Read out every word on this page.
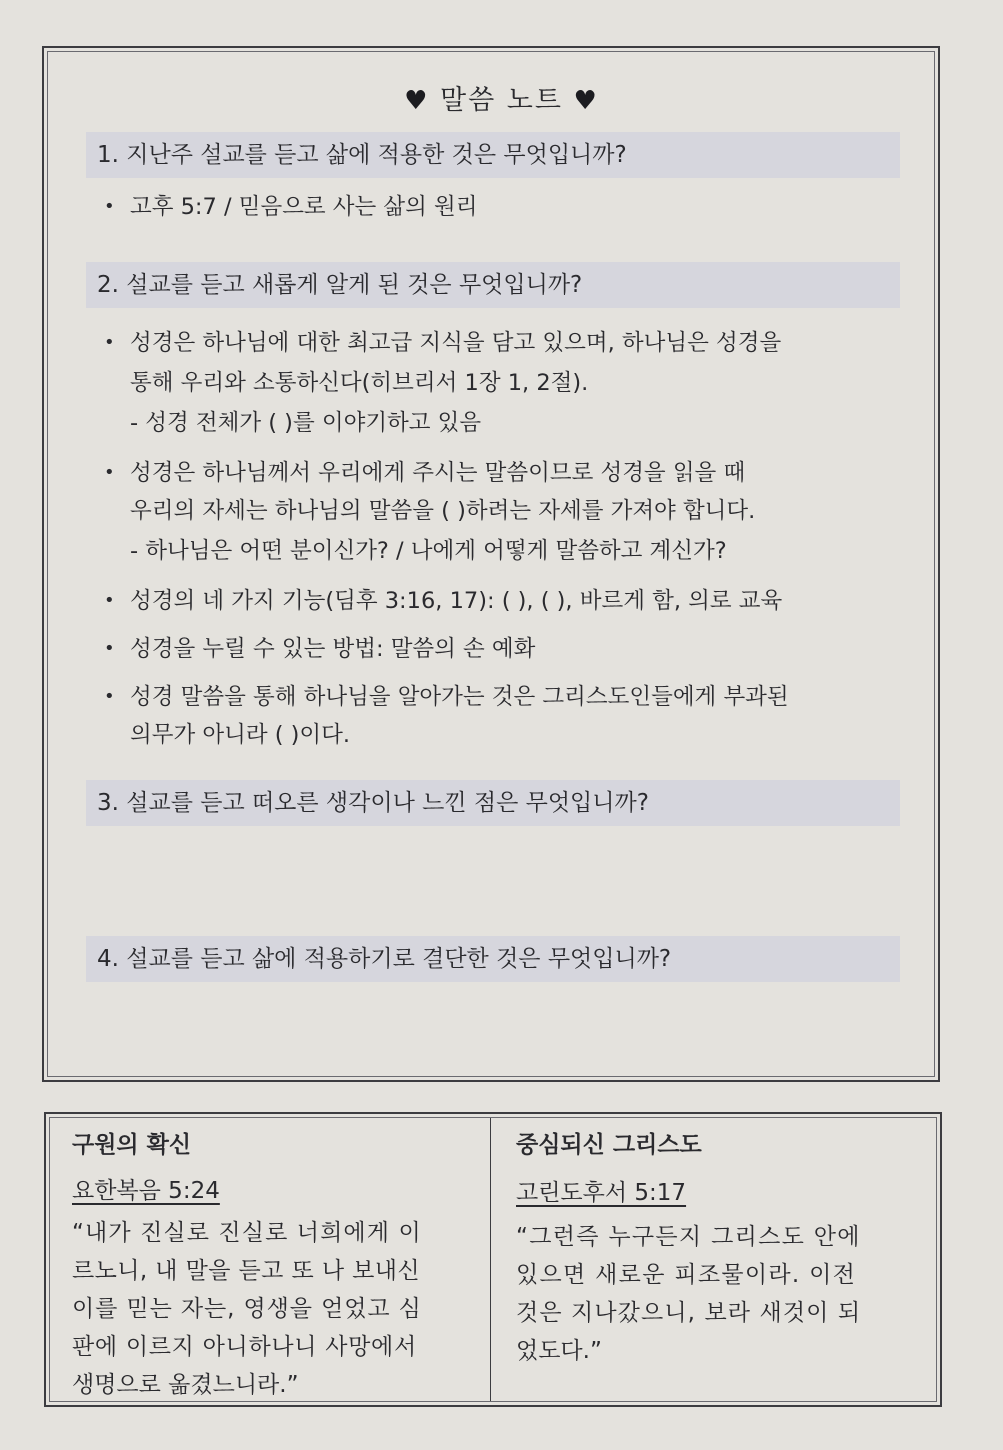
♥ 말씀 노트 ♥
1. 지난주 설교를 듣고 삶에 적용한 것은 무엇입니까?
• 고후 5:7 / 믿음으로 사는 삶의 원리
2. 설교를 듣고 새롭게 알게 된 것은 무엇입니까?
• 성경은 하나님에 대한 최고급 지식을 담고 있으며, 하나님은 성경을
통해 우리와 소통하신다(히브리서 1장 1, 2절).
- 성경 전체가 ( )를 이야기하고 있음
• 성경은 하나님께서 우리에게 주시는 말씀이므로 성경을 읽을 때
우리의 자세는 하나님의 말씀을 ( )하려는 자세를 가져야 합니다.
- 하나님은 어떤 분이신가? / 나에게 어떻게 말씀하고 계신가?
• 성경의 네 가지 기능(딤후 3:16, 17): ( ), ( ), 바르게 함, 의로 교육
• 성경을 누릴 수 있는 방법: 말씀의 손 예화
• 성경 말씀을 통해 하나님을 알아가는 것은 그리스도인들에게 부과된
의무가 아니라 ( )이다.
3. 설교를 듣고 떠오른 생각이나 느낀 점은 무엇입니까?
4. 설교를 듣고 삶에 적용하기로 결단한 것은 무엇입니까?
구원의 확신
요한복음 5:24
“내가 진실로 진실로 너희에게 이
르노니, 내 말을 듣고 또 나 보내신
이를 믿는 자는, 영생을 얻었고 심
판에 이르지 아니하나니 사망에서
생명으로 옮겼느니라.”
중심되신 그리스도
고린도후서 5:17
“그런즉 누구든지 그리스도 안에
있으면 새로운 피조물이라. 이전
것은 지나갔으니, 보라 새것이 되
었도다.”
